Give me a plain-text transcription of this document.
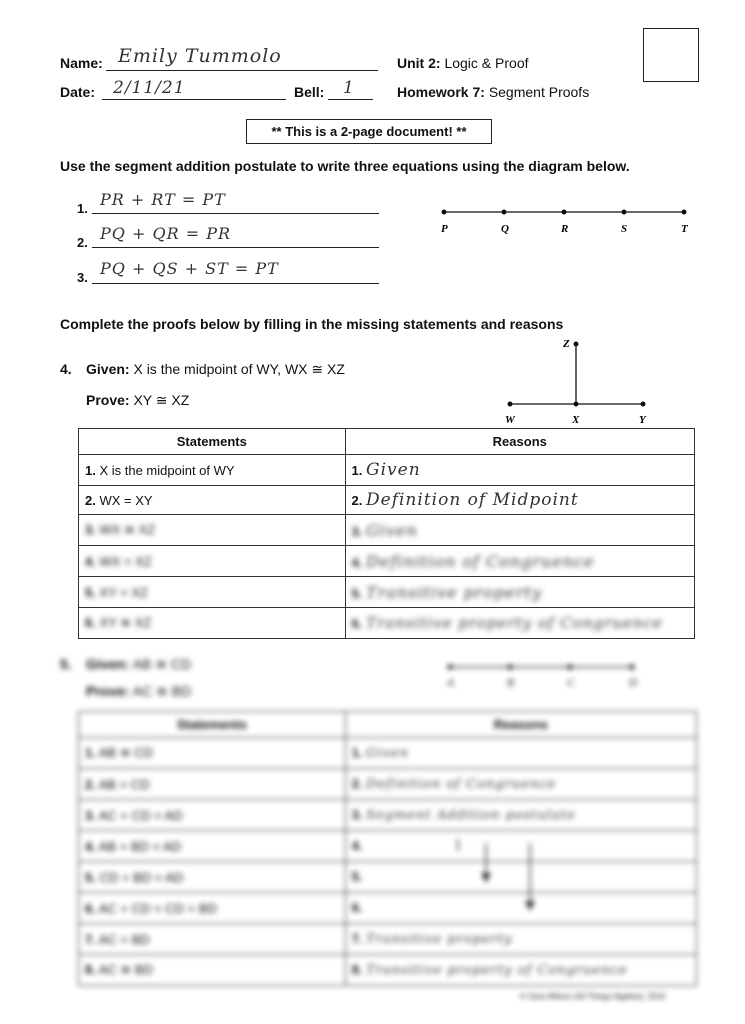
Name: Emily Tummolo
Date: 2/11/21	Bell: 1
Unit 2: Logic & Proof
Homework 7: Segment Proofs
** This is a 2-page document! **
Use the segment addition postulate to write three equations using the diagram below.
1. PR + RT = PT
2. PQ + QR = PR
3. PQ + QS + ST = PT
P	Q	R	S	T
Complete the proofs below by filling in the missing statements and reasons
4. Given: X is the midpoint of WY, WX ≅ XZ
Prove: XY ≅ XZ
Z
W	X	Y
Statements	Reasons
1. X is the midpoint of WY	1. Given
2. WX = XY	2. Definition of Midpoint
3. WX ≅ XZ	3. Given
4. WX = XZ	4. Definition of Congruence
5. XY = XZ	5. Transitive property
6. XY ≅ XZ	6. Transitive property of Congruence
5. Given: AB ≅ CD
Prove: AC ≅ BD	A	B	C	D
Statements	Reasons
1. AB ≅ CD	1. Given
2. AB = CD	2. Definition of Congruence
3. AC + CD = AD	3. Segment Addition postulate
4. AB + BD = AD	4.
5. CD + BD = AD	5.
6. AC + CD = CD + BD	6.
7. AC = BD	7. Transitive property
8. AC ≅ BD	8. Transitive property of Congruence
© Gina Wilson (All Things Algebra), 2014
